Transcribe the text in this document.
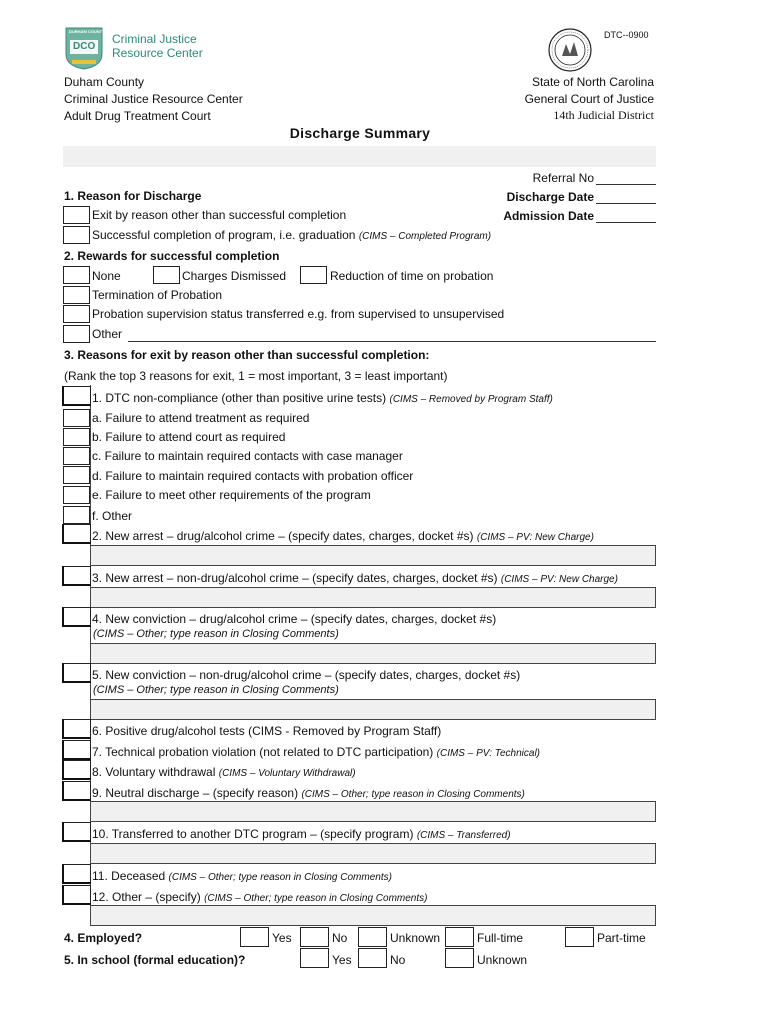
DURHAM COUNTY
DCO
Criminal Justice
Resource Center
DTC--0900
Duham County
Criminal Justice Resource Center
Adult Drug Treatment Court
State of North Carolina
General Court of Justice
14th Judicial District
Discharge Summary
Referral No
Discharge Date
Admission Date
1. Reason for Discharge
Exit by reason other than successful completion
Successful completion of program, i.e. graduation (CIMS – Completed Program)
2. Rewards for successful completion
None	Charges Dismissed	Reduction of time on probation
Termination of Probation
Probation supervision status transferred e.g. from supervised to unsupervised
Other
3. Reasons for exit by reason other than successful completion:
(Rank the top 3 reasons for exit, 1 = most important, 3 = least important)
1. DTC non-compliance (other than positive urine tests) (CIMS – Removed by Program Staff)
a. Failure to attend treatment as required
b. Failure to attend court as required
c. Failure to maintain required contacts with case manager
d. Failure to maintain required contacts with probation officer
e. Failure to meet other requirements of the program
f. Other
2. New arrest – drug/alcohol crime – (specify dates, charges, docket #s) (CIMS – PV: New Charge)
3. New arrest – non-drug/alcohol crime – (specify dates, charges, docket #s) (CIMS – PV: New Charge)
4. New conviction – drug/alcohol crime – (specify dates, charges, docket #s)
(CIMS – Other; type reason in Closing Comments)
5. New conviction – non-drug/alcohol crime – (specify dates, charges, docket #s)
(CIMS – Other; type reason in Closing Comments)
6. Positive drug/alcohol tests (CIMS - Removed by Program Staff)
7. Technical probation violation (not related to DTC participation) (CIMS – PV: Technical)
8. Voluntary withdrawal (CIMS – Voluntary Withdrawal)
9. Neutral discharge – (specify reason) (CIMS – Other; type reason in Closing Comments)
10. Transferred to another DTC program – (specify program) (CIMS – Transferred)
11. Deceased (CIMS – Other; type reason in Closing Comments)
12. Other – (specify) (CIMS – Other; type reason in Closing Comments)
4. Employed?	Yes	No	Unknown	Full-time	Part-time
5. In school (formal education)?	Yes	No	Unknown
